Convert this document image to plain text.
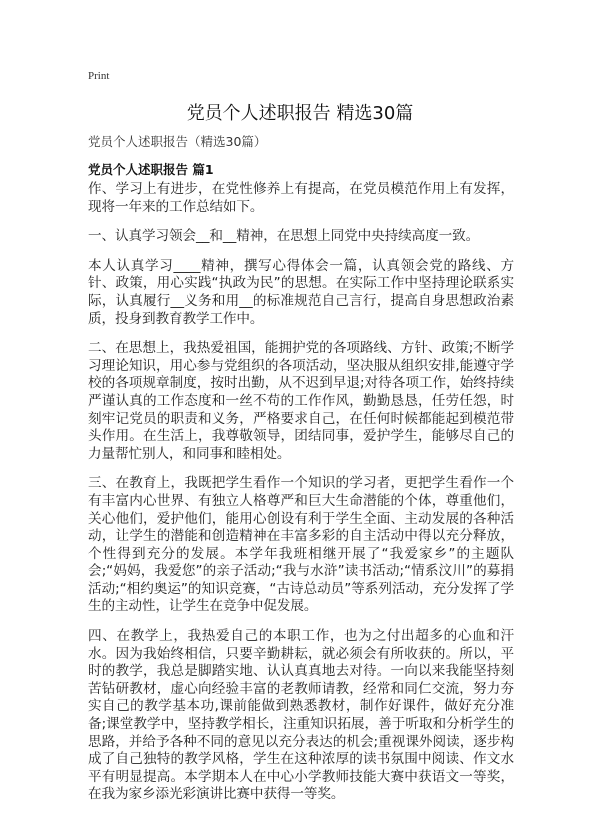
Print
党员个人述职报告 精选30篇
党员个人述职报告（精选30篇）
党员个人述职报告 篇1

作、学习上有进步，在党性修养上有提高，在党员模范作用上有发挥，现将一年来的工作总结如下。

一、认真学习领会__和__精神，在思想上同党中央持续高度一致。

本人认真学习____精神，撰写心得体会一篇，认真领会党的路线、方针、政策，用心实践“执政为民”的思想。在实际工作中坚持理论联系实际，认真履行__义务和用__的标准规范自己言行，提高自身思想政治素质，投身到教育教学工作中。

二、在思想上，我热爱祖国，能拥护党的各项路线、方针、政策;不断学习理论知识，用心参与党组织的各项活动，坚决服从组织安排,能遵守学校的各项规章制度，按时出勤，从不迟到早退;对待各项工作，始终持续严谨认真的工作态度和一丝不苟的工作作风，勤勤恳恳，任劳任怨，时刻牢记党员的职责和义务，严格要求自己，在任何时候都能起到模范带头作用。在生活上，我尊敬领导，团结同事，爱护学生，能够尽自己的力量帮忙别人，和同事和睦相处。

三、在教育上，我既把学生看作一个知识的学习者，更把学生看作一个有丰富内心世界、有独立人格尊严和巨大生命潜能的个体，尊重他们，关心他们，爱护他们，能用心创设有利于学生全面、主动发展的各种活动，让学生的潜能和创造精神在丰富多彩的自主活动中得以充分释放，个性得到充分的发展。本学年我班相继开展了“我爱家乡”的主题队会;“妈妈，我爱您”的亲子活动;“我与水浒”读书活动;“情系汶川”的募捐活动;“相约奥运”的知识竞赛，“古诗总动员”等系列活动，充分发挥了学生的主动性，让学生在竞争中促发展。

四、在教学上，我热爱自己的本职工作，也为之付出超多的心血和汗水。因为我始终相信，只要辛勤耕耘，就必须会有所收获的。所以，平时的教学，我总是脚踏实地、认认真真地去对待。一向以来我能坚持刻苦钻研教材，虚心向经验丰富的老教师请教，经常和同仁交流，努力夯实自己的教学基本功,课前能做到熟悉教材，制作好课件，做好充分准备;课堂教学中，坚持教学相长，注重知识拓展，善于听取和分析学生的思路，并给予各种不同的意见以充分表达的机会;重视课外阅读，逐步构成了自己独特的教学风格，学生在这种浓厚的读书氛围中阅读、作文水平有明显提高。本学期本人在中心小学教师技能大赛中获语文一等奖，在我为家乡添光彩演讲比赛中获得一等奖。
